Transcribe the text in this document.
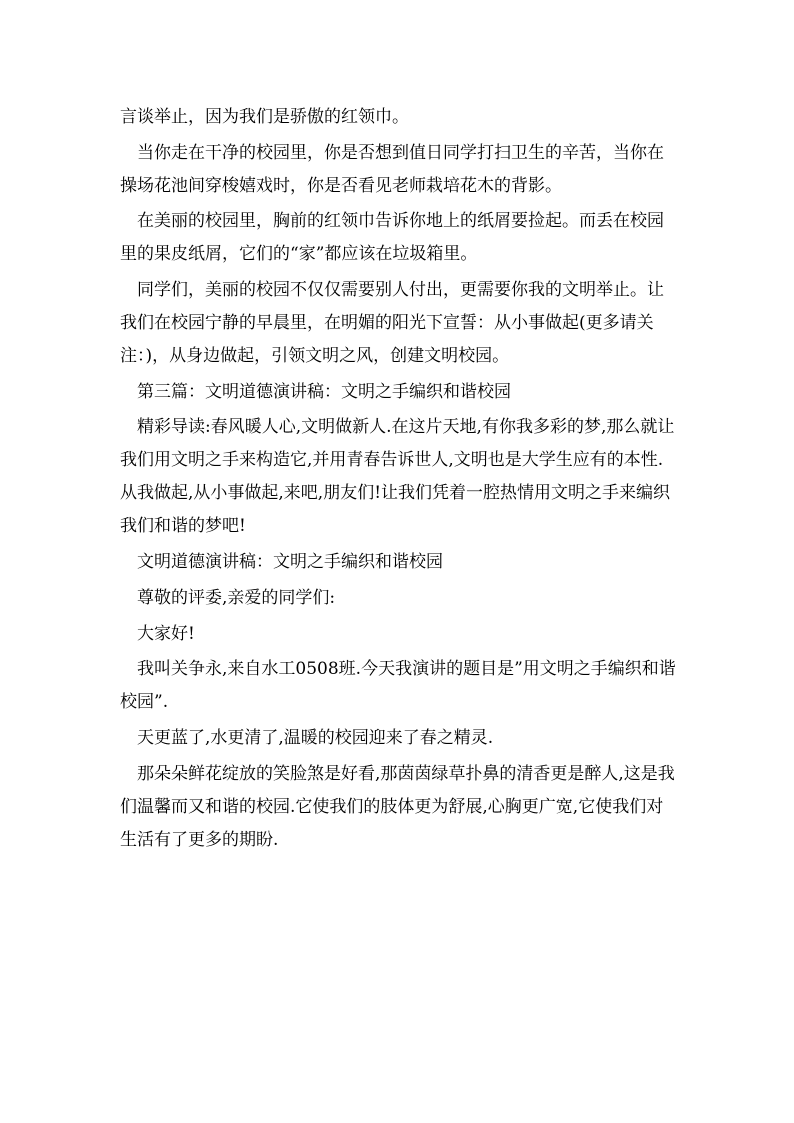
言谈举止，因为我们是骄傲的红领巾。

当你走在干净的校园里，你是否想到值日同学打扫卫生的辛苦，当你在操场花池间穿梭嬉戏时，你是否看见老师栽培花木的背影。

在美丽的校园里，胸前的红领巾告诉你地上的纸屑要捡起。而丢在校园里的果皮纸屑，它们的“家”都应该在垃圾箱里。

同学们，美丽的校园不仅仅需要别人付出，更需要你我的文明举止。让我们在校园宁静的早晨里，在明媚的阳光下宣誓：从小事做起(更多请关注：)，从身边做起，引领文明之风，创建文明校园。

第三篇：文明道德演讲稿：文明之手编织和谐校园

精彩导读:春风暖人心,文明做新人.在这片天地,有你我多彩的梦,那么就让我们用文明之手来构造它,并用青春告诉世人,文明也是大学生应有的本性.从我做起,从小事做起,来吧,朋友们!让我们凭着一腔热情用文明之手来编织我们和谐的梦吧!

文明道德演讲稿：文明之手编织和谐校园

尊敬的评委,亲爱的同学们:

大家好!

我叫关争永,来自水工0508班.今天我演讲的题目是”用文明之手编织和谐校园”.

天更蓝了,水更清了,温暖的校园迎来了春之精灵.

那朵朵鲜花绽放的笑脸煞是好看,那茵茵绿草扑鼻的清香更是醉人,这是我们温馨而又和谐的校园.它使我们的肢体更为舒展,心胸更广宽,它使我们对生活有了更多的期盼.
